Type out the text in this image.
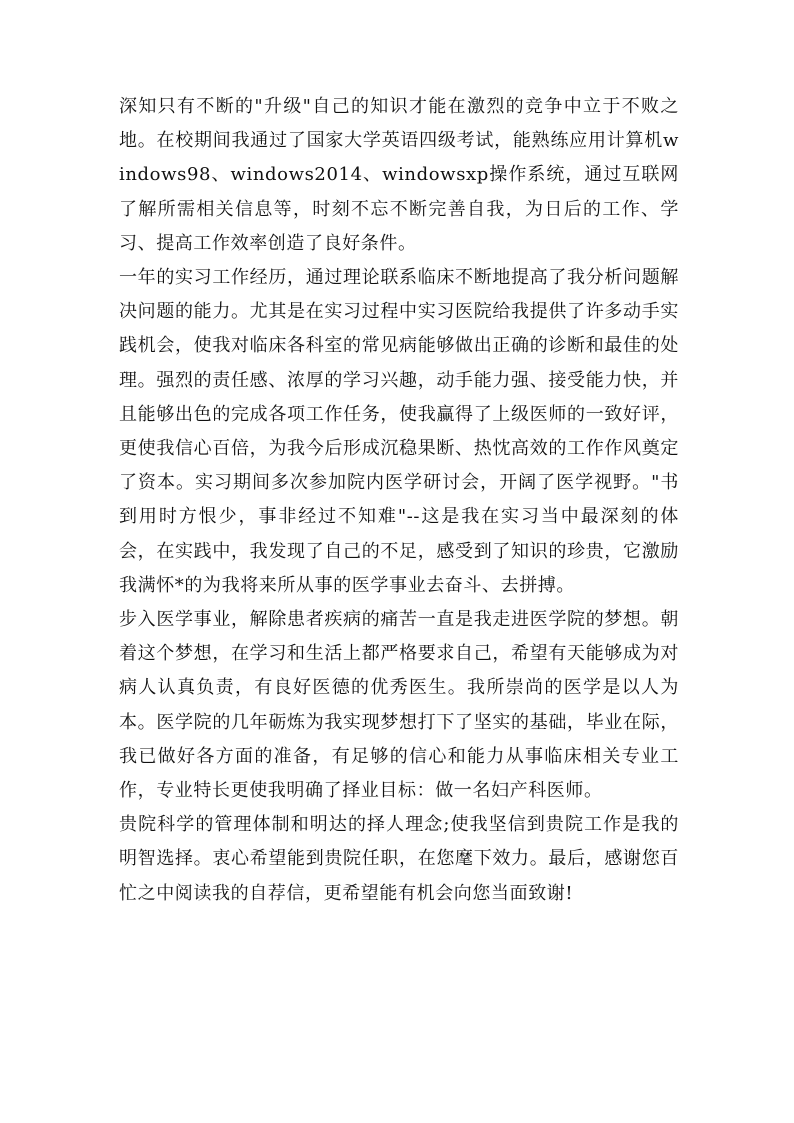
深知只有不断的"升级"自己的知识才能在激烈的竞争中立于不败之地。在校期间我通过了国家大学英语四级考试，能熟练应用计算机windows98、windows2014、windowsxp操作系统，通过互联网了解所需相关信息等，时刻不忘不断完善自我，为日后的工作、学习、提高工作效率创造了良好条件。

一年的实习工作经历，通过理论联系临床不断地提高了我分析问题解决问题的能力。尤其是在实习过程中实习医院给我提供了许多动手实践机会，使我对临床各科室的常见病能够做出正确的诊断和最佳的处理。强烈的责任感、浓厚的学习兴趣，动手能力强、接受能力快，并且能够出色的完成各项工作任务，使我赢得了上级医师的一致好评，更使我信心百倍，为我今后形成沉稳果断、热忱高效的工作作风奠定了资本。实习期间多次参加院内医学研讨会，开阔了医学视野。"书到用时方恨少，事非经过不知难"--这是我在实习当中最深刻的体会，在实践中，我发现了自己的不足，感受到了知识的珍贵，它激励我满怀*的为我将来所从事的医学事业去奋斗、去拼搏。

步入医学事业，解除患者疾病的痛苦一直是我走进医学院的梦想。朝着这个梦想，在学习和生活上都严格要求自己，希望有天能够成为对病人认真负责，有良好医德的优秀医生。我所崇尚的医学是以人为本。医学院的几年砺炼为我实现梦想打下了坚实的基础，毕业在际，我已做好各方面的准备，有足够的信心和能力从事临床相关专业工作，专业特长更使我明确了择业目标：做一名妇产科医师。

贵院科学的管理体制和明达的择人理念;使我坚信到贵院工作是我的明智选择。衷心希望能到贵院任职，在您麾下效力。最后，感谢您百忙之中阅读我的自荐信，更希望能有机会向您当面致谢!
